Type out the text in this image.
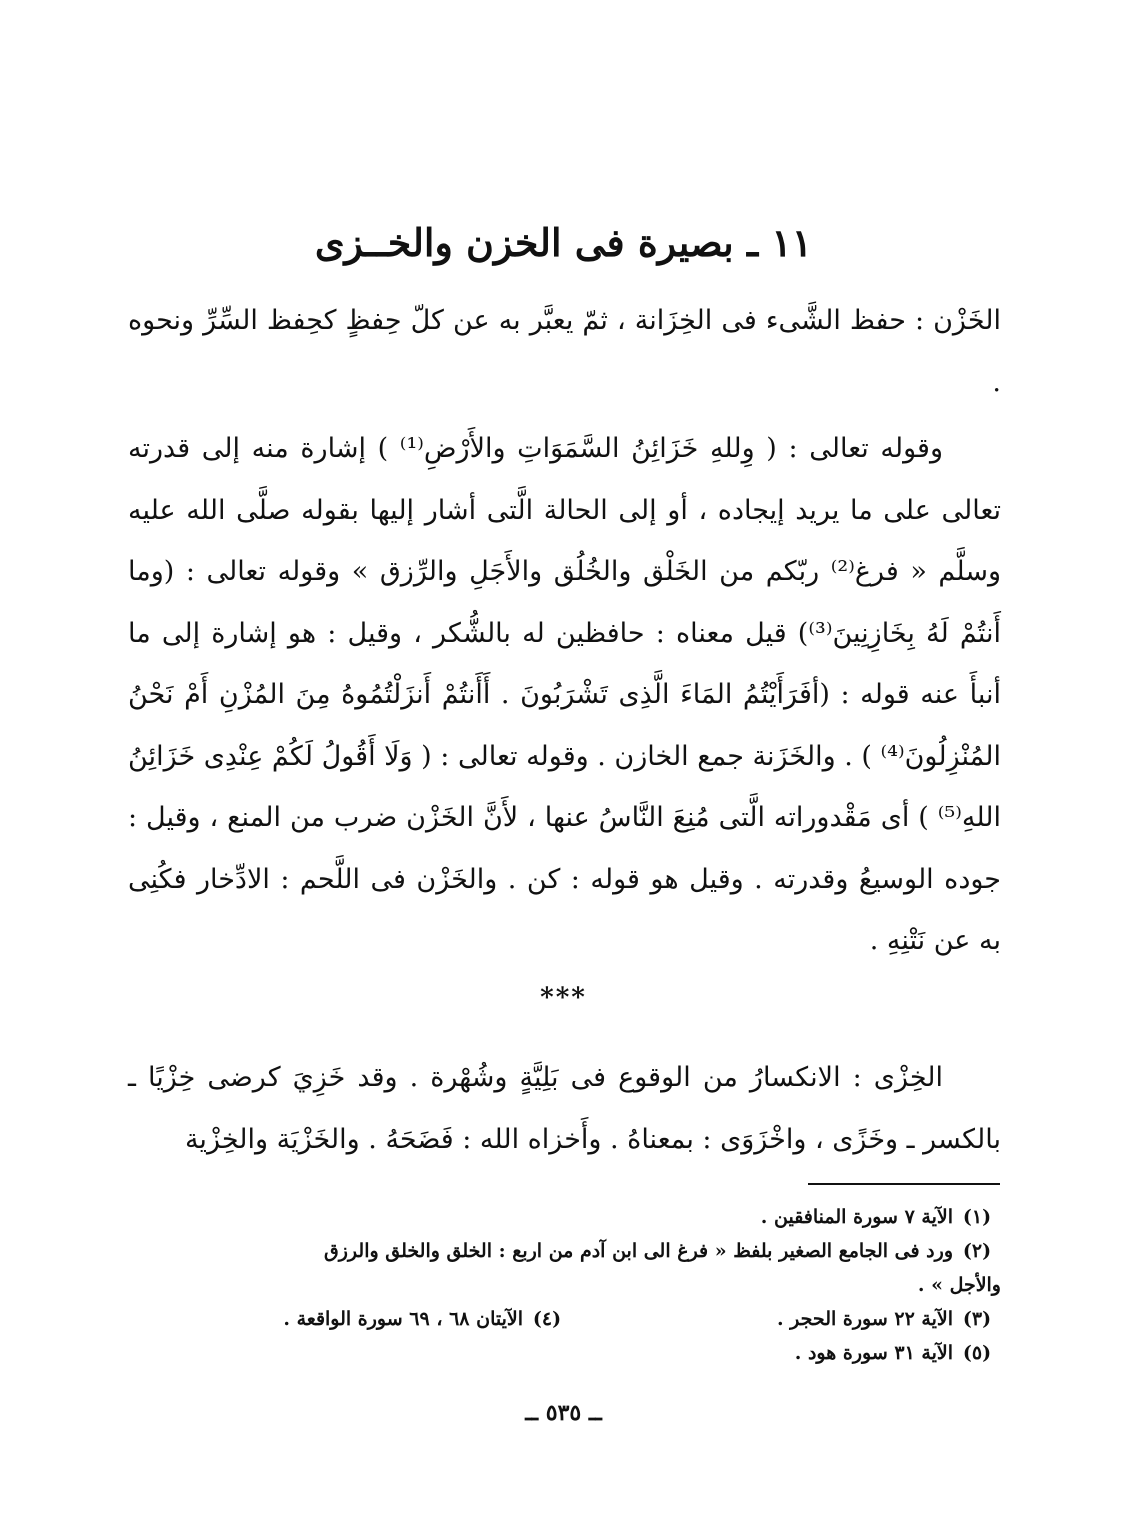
١١ ـ بصيرة فى الخزن والخــزى
الخَزْن : حفظ الشَّىء فى الخِزَانة ، ثمّ يعبَّر به عن كلّ حِفظٍ كحِفظ السِّرِّ ونحوه .
وقوله تعالى : ( وِللهِ خَزَائِنُ السَّمَوَاتِ والأَرْضِ⁽¹⁾ ) إشارة منه إلى قدرته تعالى على ما يريد إيجاده ، أو إلى الحالة الَّتى أشار إليها بقوله صلَّى الله عليه وسلَّم « فرغ⁽²⁾ ربّكم من الخَلْق والخُلُق والأَجَلِ والرِّزق » وقوله تعالى : (وما أَنتُمْ لَهُ بِخَازِنِينَ⁽³⁾) قيل معناه : حافظين له بالشُّكر ، وقيل : هو إشارة إلى ما أنبأَ عنه قوله : (أفَرَأَيْتُمُ المَاءَ الَّذِى تَشْرَبُونَ . أَأَنتُمْ أَنزَلْتُمُوهُ مِنَ المُزْنِ أَمْ نَحْنُ المُنْزِلُونَ⁽⁴⁾ ) . والخَزَنة جمع الخازن . وقوله تعالى : ( وَلَا أَقُولُ لَكُمْ عِنْدِى خَزَائِنُ اللهِ⁽⁵⁾ ) أى مَقْدوراته الَّتى مُنِعَ النَّاسُ عنها ، لأَنَّ الخَزْن ضرب من المنع ، وقيل : جوده الوسيعُ وقدرته . وقيل هو قوله : كن . والخَزْن فى اللَّحم : الادِّخار فكُنِى به عن نَتْنِهِ .
***
الخِزْى : الانكسارُ من الوقوع فى بَلِيَّةٍ وشُهْرة . وقد خَزِيَ كرضى خِزْيًا ـ بالكسر ـ وخَزًى ، واخْزَوَى : بمعناهُ . وأَخزاه الله : فَضَحَهُ . والخَزْيَة والخِزْية
(١)
الآية ٧ سورة المنافقين .
(٢)
ورد فى الجامع الصغير بلفظ « فرغ الى ابن آدم من اربع : الخلق والخلق والرزق
والأجل » .
(٣)
الآية ٢٢ سورة الحجر .
(٤)
الآيتان ٦٨ ، ٦٩ سورة الواقعة .
(٥)
الآية ٣١ سورة هود .
ــ ٥٣٥ ــ
